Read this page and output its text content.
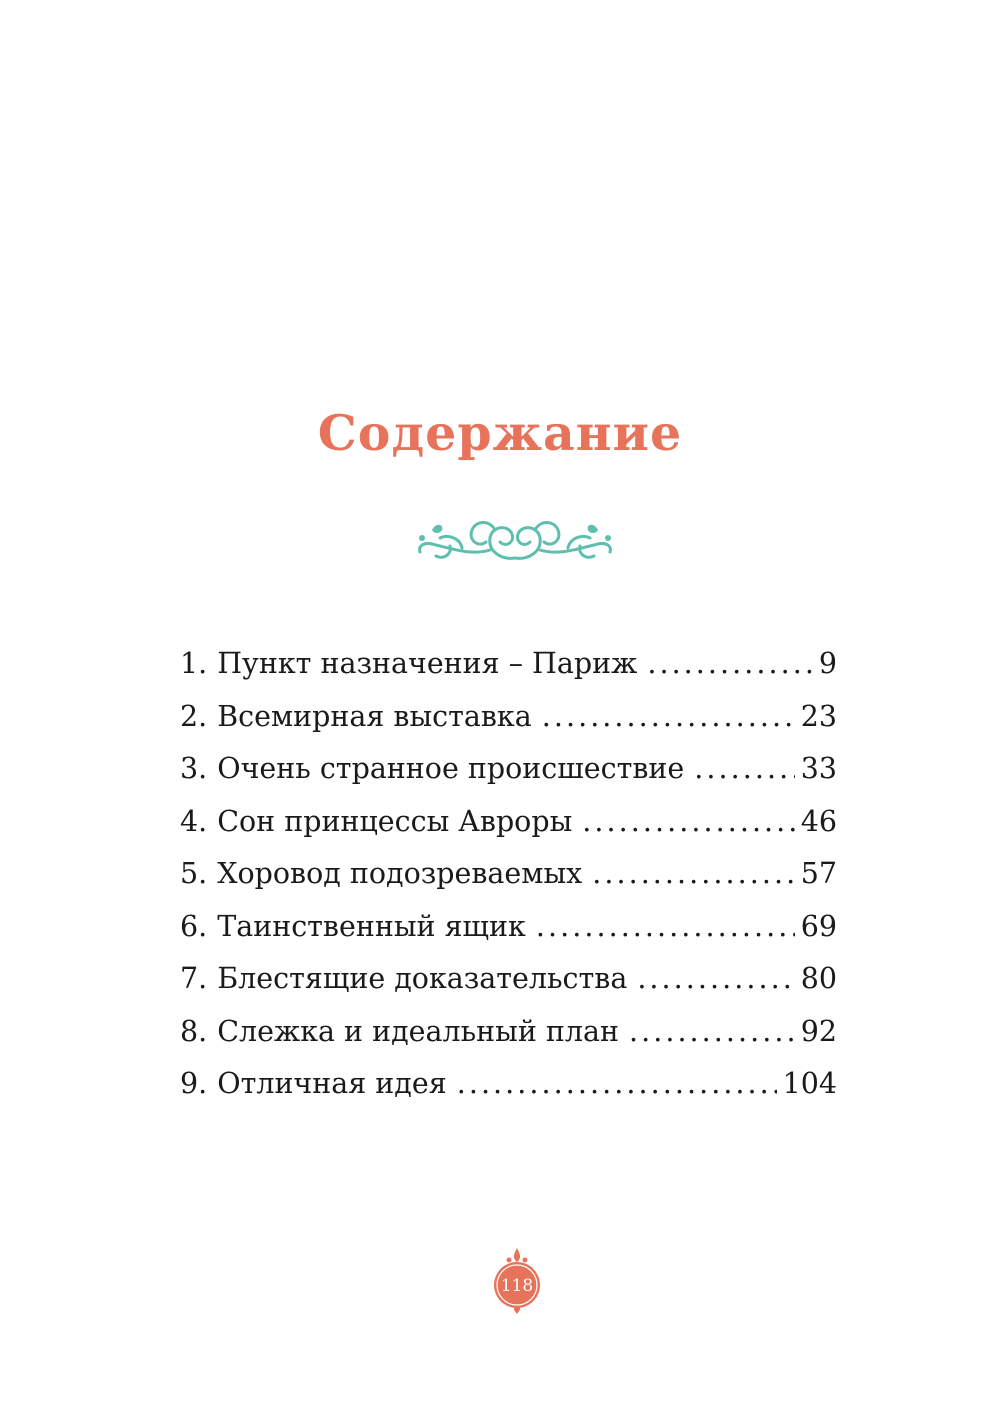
Содержание
1. Пункт назначения – Париж . . .	9
2. Всемирная выставка . . .	23
3. Очень странное происшествие . . .	33
4. Сон принцессы Авроры . . .	46
5. Хоровод подозреваемых . . .	57
6. Таинственный ящик . . .	69
7. Блестящие доказательства . . .	80
8. Слежка и идеальный план . . .	92
9. Отличная идея . . .	104
118
